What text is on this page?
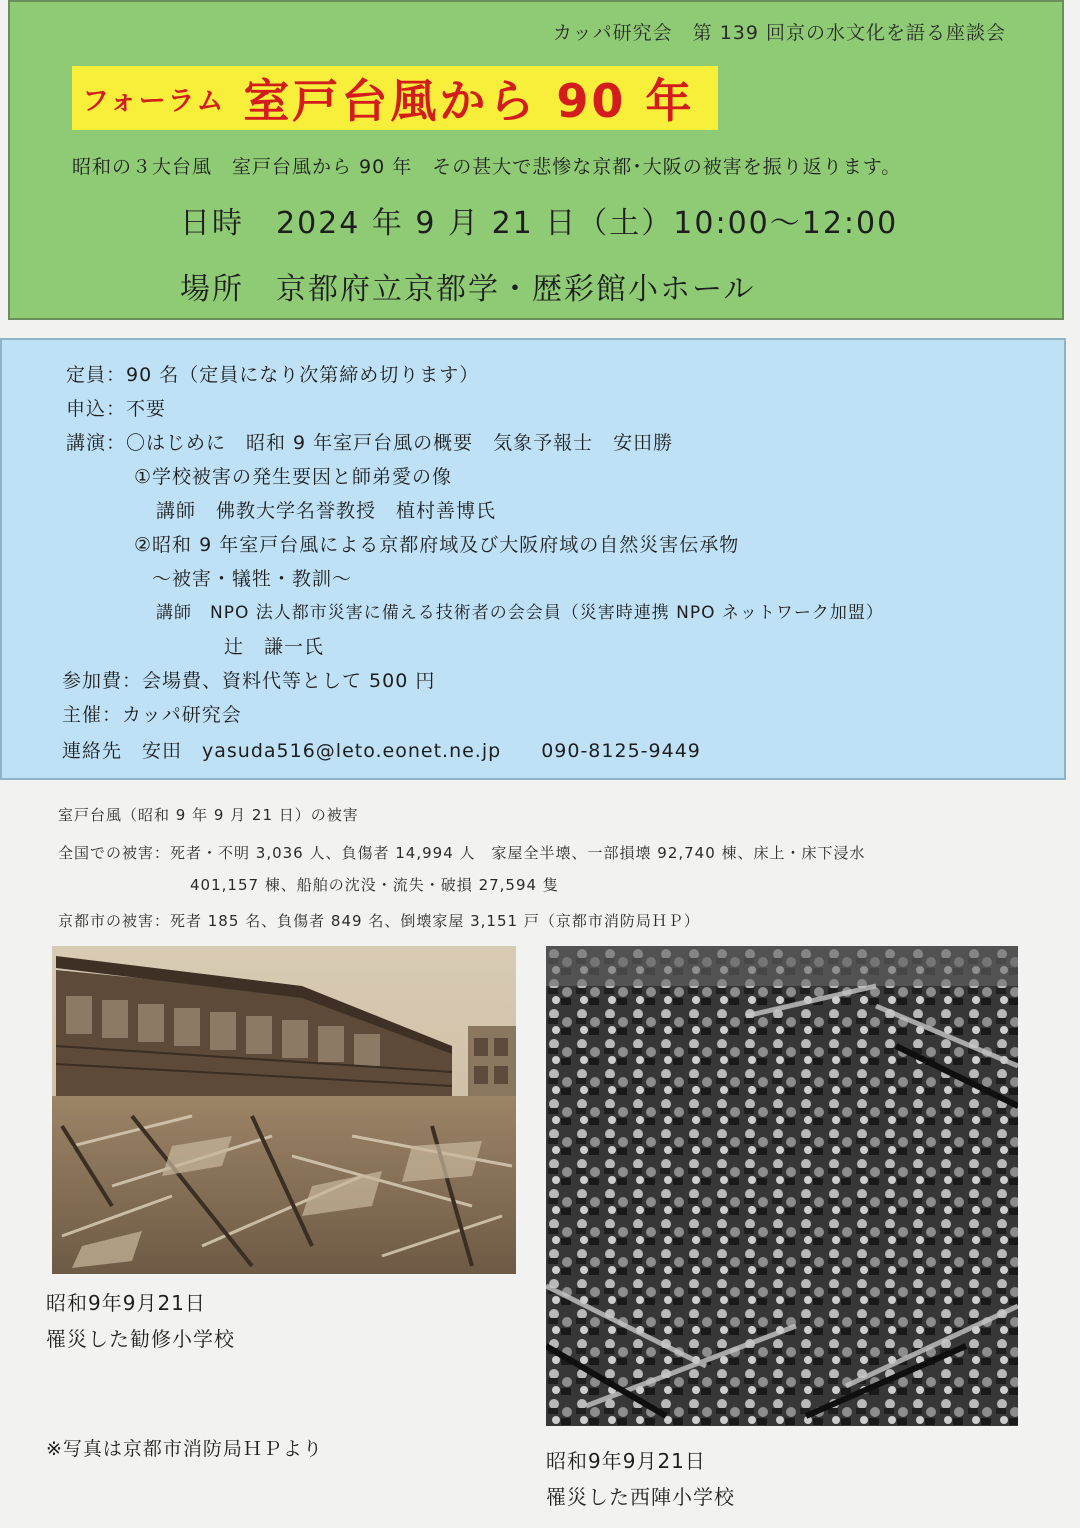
カッパ研究会　第 139 回京の水文化を語る座談会
フォーラム 室戸台風から 90 年
昭和の３大台風　室戸台風から 90 年　その甚大で悲惨な京都･大阪の被害を振り返ります。
日時　2024 年 9 月 21 日（土）10:00～12:00
場所　京都府立京都学・歴彩館小ホール
定員：90 名（定員になり次第締め切ります）
申込：不要
講演：〇はじめに　昭和 9 年室戸台風の概要　気象予報士　安田勝
①学校被害の発生要因と師弟愛の像
講師　佛教大学名誉教授　植村善博氏
②昭和 9 年室戸台風による京都府域及び大阪府域の自然災害伝承物
～被害・犠牲・教訓～
講師　NPO 法人都市災害に備える技術者の会会員（災害時連携 NPO ネットワーク加盟）
辻　謙一氏
参加費：会場費、資料代等として 500 円
主催：カッパ研究会
連絡先　安田　yasuda516@leto.eonet.ne.jp　　090-8125-9449
室戸台風（昭和 9 年 9 月 21 日）の被害
全国での被害：死者・不明 3,036 人、負傷者 14,994 人　家屋全半壊、一部損壊 92,740 棟、床上・床下浸水
401,157 棟、船舶の沈没・流失・破損 27,594 隻
京都市の被害：死者 185 名、負傷者 849 名、倒壊家屋 3,151 戸（京都市消防局ＨＰ）
昭和9年9月21日
罹災した勧修小学校
※写真は京都市消防局ＨＰより	昭和9年9月21日
罹災した西陣小学校
